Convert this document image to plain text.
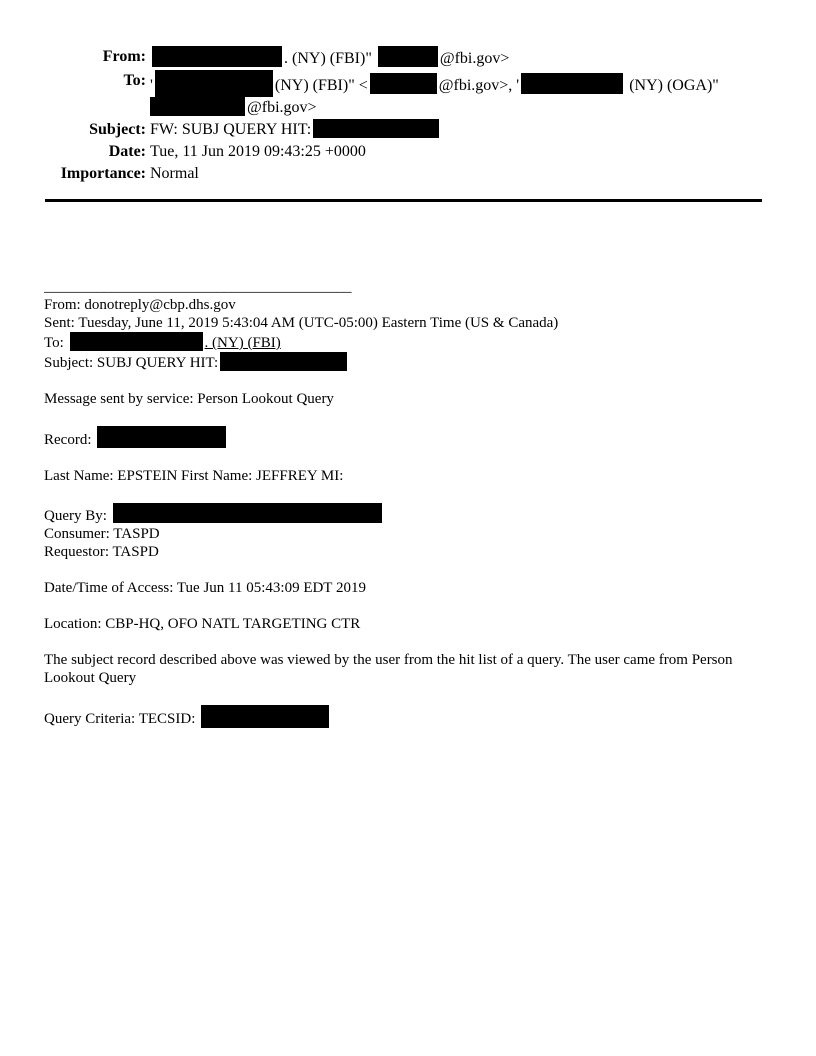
From:	. (NY) (FBI)"	@fbi.gov>
To: '	(NY) (FBI)" <	@fbi.gov>, '	(NY) (OGA)"
@fbi.gov>
Subject: FW: SUBJ QUERY HIT:
Date: Tue, 11 Jun 2019 09:43:25 +0000
Importance: Normal
_________________________________________
From: donotreply@cbp.dhs.gov
Sent: Tuesday, June 11, 2019 5:43:04 AM (UTC-05:00) Eastern Time (US & Canada)
To:	. (NY) (FBI)
Subject: SUBJ QUERY HIT:
Message sent by service: Person Lookout Query
Record:
Last Name: EPSTEIN First Name: JEFFREY MI:
Query By:
Consumer: TASPD
Requestor: TASPD
Date/Time of Access: Tue Jun 11 05:43:09 EDT 2019
Location: CBP-HQ, OFO NATL TARGETING CTR
The subject record described above was viewed by the user from the hit list of a query. The user came from Person Lookout Query
Query Criteria: TECSID:
